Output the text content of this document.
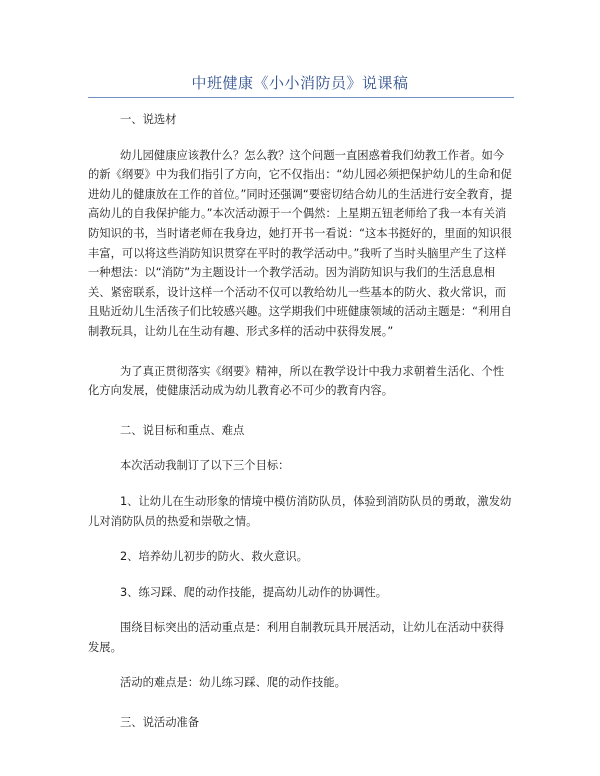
中班健康《小小消防员》说课稿

一、说选材

幼儿园健康应该教什么？怎么教？这个问题一直困惑着我们幼教工作者。如今的新《纲要》中为我们指引了方向，它不仅指出：“幼儿园必须把保护幼儿的生命和促进幼儿的健康放在工作的首位。”同时还强调“要密切结合幼儿的生活进行安全教育，提高幼儿的自我保护能力。”本次活动源于一个偶然：上星期五钮老师给了我一本有关消防知识的书，当时诸老师在我身边，她打开书一看说：“这本书挺好的，里面的知识很丰富，可以将这些消防知识贯穿在平时的教学活动中。”我听了当时头脑里产生了这样一种想法：以“消防”为主题设计一个教学活动。因为消防知识与我们的生活息息相关、紧密联系，设计这样一个活动不仅可以教给幼儿一些基本的防火、救火常识，而且贴近幼儿生活孩子们比较感兴趣。这学期我们中班健康领域的活动主题是：“利用自制教玩具，让幼儿在生动有趣、形式多样的活动中获得发展。”

为了真正贯彻落实《纲要》精神，所以在教学设计中我力求朝着生活化、个性化方向发展，使健康活动成为幼儿教育必不可少的教育内容。

二、说目标和重点、难点

本次活动我制订了以下三个目标：

1、让幼儿在生动形象的情境中模仿消防队员，体验到消防队员的勇敢，激发幼儿对消防队员的热爱和崇敬之情。

2、培养幼儿初步的防火、救火意识。

3、练习踩、爬的动作技能，提高幼儿动作的协调性。

围绕目标突出的活动重点是：利用自制教玩具开展活动，让幼儿在活动中获得发展。

活动的难点是：幼儿练习踩、爬的动作技能。

三、说活动准备
